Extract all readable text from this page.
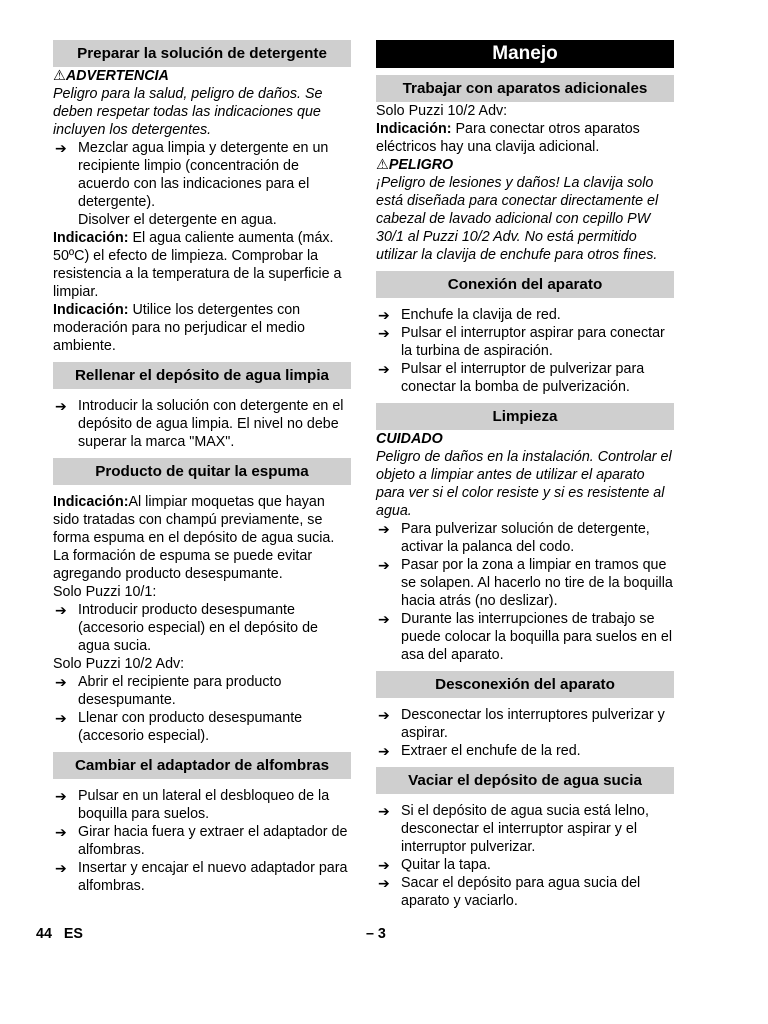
Preparar la solución de detergente

⚠ADVERTENCIA

Peligro para la salud, peligro de daños. Se deben respetar todas las indicaciones que incluyen los detergentes.

➔ Mezclar agua limpia y detergente en un recipiente limpio (concentración de acuerdo con las indicaciones para el detergente).

Disolver el detergente en agua.

Indicación: El agua caliente aumenta (máx. 50ºC) el efecto de limpieza. Comprobar la resistencia a la temperatura de la superficie a limpiar.

Indicación: Utilice los detergentes con moderación para no perjudicar el medio ambiente.

Rellenar el depósito de agua limpia

➔ Introducir la solución con detergente en el depósito de agua limpia. El nivel no debe superar la marca "MAX".

Producto de quitar la espuma

Indicación:Al limpiar moquetas que hayan sido tratadas con champú previamente, se forma espuma en el depósito de agua sucia. La formación de espuma se puede evitar agregando producto desespumante.

Solo Puzzi 10/1:

➔ Introducir producto desespumante (accesorio especial) en el depósito de agua sucia.

Solo Puzzi 10/2 Adv:

➔ Abrir el recipiente para producto desespumante.

➔ Llenar con producto desespumante (accesorio especial).

Cambiar el adaptador de alfombras

➔ Pulsar en un lateral el desbloqueo de la boquilla para suelos.

➔ Girar hacia fuera y extraer el adaptador de alfombras.

➔ Insertar y encajar el nuevo adaptador para alfombras.

Manejo
Trabajar con aparatos adicionales

Solo Puzzi 10/2 Adv:

Indicación: Para conectar otros aparatos eléctricos hay una clavija adicional.

⚠PELIGRO

¡Peligro de lesiones y daños! La clavija solo está diseñada para conectar directamente el cabezal de lavado adicional con cepillo PW 30/1 al Puzzi 10/2 Adv. No está permitido utilizar la clavija de enchufe para otros fines.

Conexión del aparato

➔ Enchufe la clavija de red.

➔ Pulsar el interruptor aspirar para conectar la turbina de aspiración.

➔ Pulsar el interruptor de pulverizar para conectar la bomba de pulverización.

Limpieza

CUIDADO

Peligro de daños en la instalación. Controlar el objeto a limpiar antes de utilizar el aparato para ver si el color resiste y si es resistente al agua.

➔ Para pulverizar solución de detergente, activar la palanca del codo.

➔ Pasar por la zona a limpiar en tramos que se solapen. Al hacerlo no tire de la boquilla hacia atrás (no deslizar).

➔ Durante las interrupciones de trabajo se puede colocar la boquilla para suelos en el asa del aparato.

Desconexión del aparato

➔ Desconectar los interruptores pulverizar y aspirar.

➔ Extraer el enchufe de la red.

Vaciar el depósito de agua sucia

➔ Si el depósito de agua sucia está lelno, desconectar el interruptor aspirar y el interruptor pulverizar.

➔ Quitar la tapa.

➔ Sacar el depósito para agua sucia del aparato y vaciarlo.

44 ES	– 3
